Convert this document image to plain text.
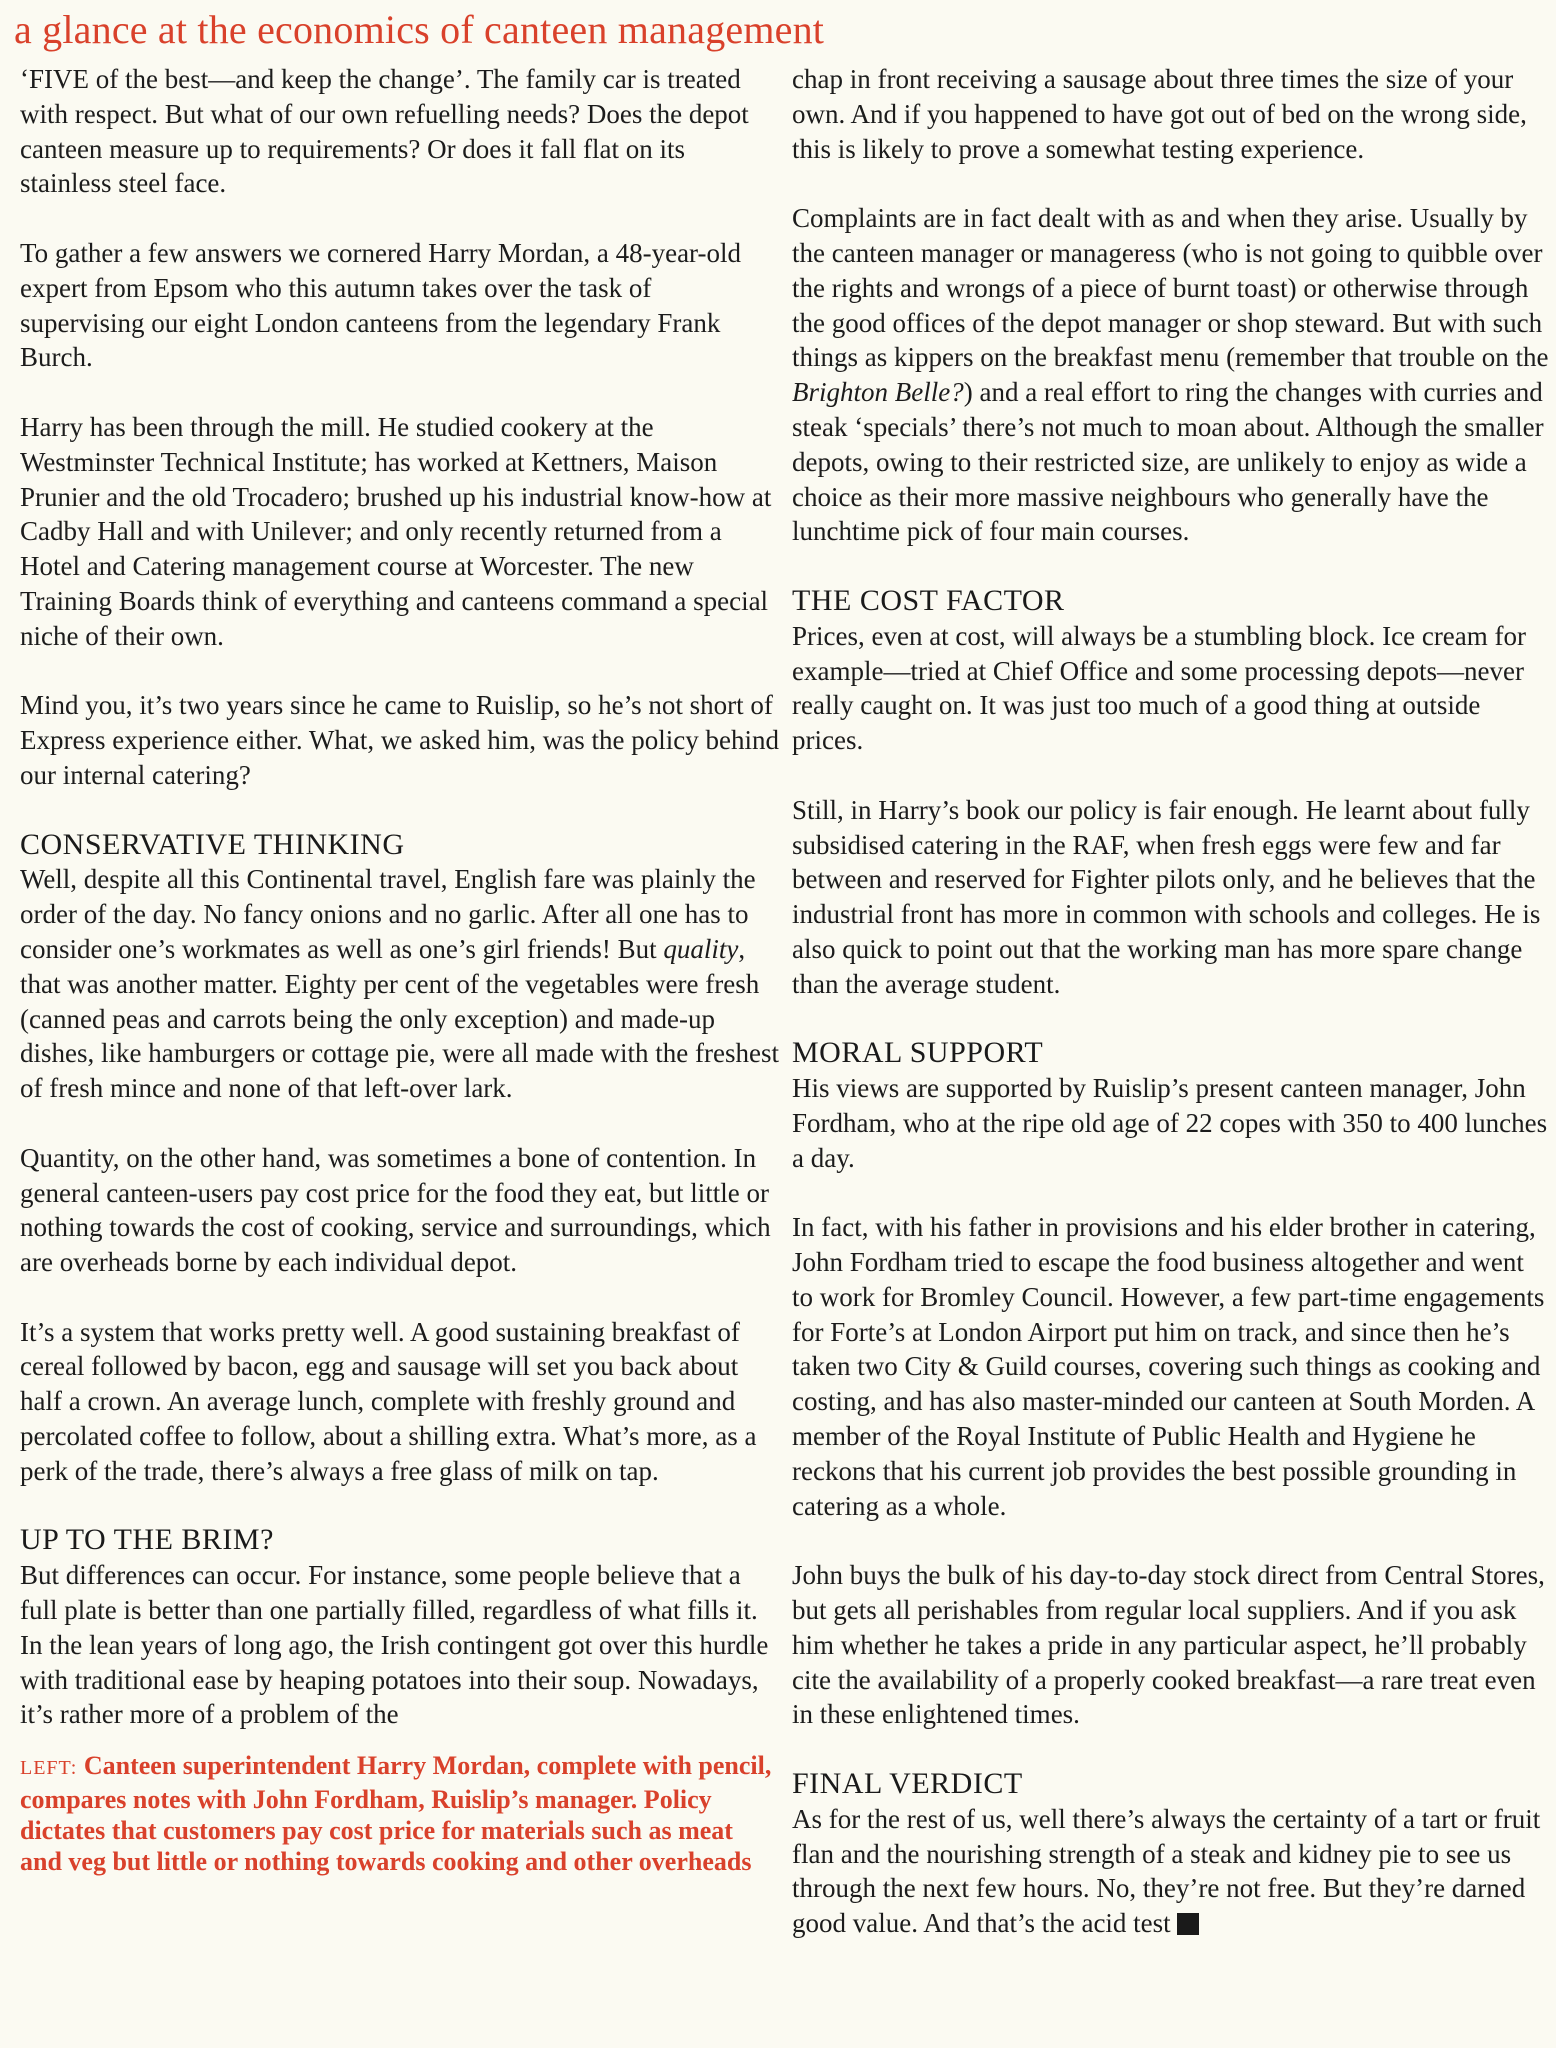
a glance at the economics of canteen management

‘FIVE of the best—and keep the change’. The family car is treated with respect. But what of our own refuelling needs? Does the depot canteen measure up to requirements? Or does it fall flat on its stainless steel face.

To gather a few answers we cornered Harry Mordan, a 48-year-old expert from Epsom who this autumn takes over the task of supervising our eight London canteens from the legendary Frank Burch.

Harry has been through the mill. He studied cookery at the Westminster Technical Institute; has worked at Kettners, Maison Prunier and the old Trocadero; brushed up his industrial know-how at Cadby Hall and with Unilever; and only recently returned from a Hotel and Catering management course at Worcester. The new Training Boards think of everything and canteens command a special niche of their own.

Mind you, it’s two years since he came to Ruislip, so he’s not short of Express experience either. What, we asked him, was the policy behind our internal catering?

CONSERVATIVE THINKING

Well, despite all this Continental travel, English fare was plainly the order of the day. No fancy onions and no garlic. After all one has to consider one’s workmates as well as one’s girl friends! But quality, that was another matter. Eighty per cent of the vegetables were fresh (canned peas and carrots being the only exception) and made-up dishes, like hamburgers or cottage pie, were all made with the freshest of fresh mince and none of that left-over lark.

Quantity, on the other hand, was sometimes a bone of contention. In general canteen-users pay cost price for the food they eat, but little or nothing towards the cost of cooking, service and surroundings, which are overheads borne by each individual depot.

It’s a system that works pretty well. A good sustaining breakfast of cereal followed by bacon, egg and sausage will set you back about half a crown. An average lunch, complete with freshly ground and percolated coffee to follow, about a shilling extra. What’s more, as a perk of the trade, there’s always a free glass of milk on tap.

UP TO THE BRIM?

But differences can occur. For instance, some people believe that a full plate is better than one partially filled, regardless of what fills it. In the lean years of long ago, the Irish contingent got over this hurdle with traditional ease by heaping potatoes into their soup. Nowadays, it’s rather more of a problem of the

LEFT: Canteen superintendent Harry Mordan, complete with pencil, compares notes with John Fordham, Ruislip’s manager. Policy dictates that customers pay cost price for materials such as meat and veg but little or nothing towards cooking and other overheads

chap in front receiving a sausage about three times the size of your own. And if you happened to have got out of bed on the wrong side, this is likely to prove a somewhat testing experience.

Complaints are in fact dealt with as and when they arise. Usually by the canteen manager or manageress (who is not going to quibble over the rights and wrongs of a piece of burnt toast) or otherwise through the good offices of the depot manager or shop steward. But with such things as kippers on the breakfast menu (remember that trouble on the Brighton Belle?) and a real effort to ring the changes with curries and steak ‘specials’ there’s not much to moan about. Although the smaller depots, owing to their restricted size, are unlikely to enjoy as wide a choice as their more massive neighbours who generally have the lunchtime pick of four main courses.

THE COST FACTOR

Prices, even at cost, will always be a stumbling block. Ice cream for example—tried at Chief Office and some processing depots—never really caught on. It was just too much of a good thing at outside prices.

Still, in Harry’s book our policy is fair enough. He learnt about fully subsidised catering in the RAF, when fresh eggs were few and far between and reserved for Fighter pilots only, and he believes that the industrial front has more in common with schools and colleges. He is also quick to point out that the working man has more spare change than the average student.

MORAL SUPPORT

His views are supported by Ruislip’s present canteen manager, John Fordham, who at the ripe old age of 22 copes with 350 to 400 lunches a day.

In fact, with his father in provisions and his elder brother in catering, John Fordham tried to escape the food business altogether and went to work for Bromley Council. However, a few part-time engagements for Forte’s at London Airport put him on track, and since then he’s taken two City & Guild courses, covering such things as cooking and costing, and has also master-minded our canteen at South Morden. A member of the Royal Institute of Public Health and Hygiene he reckons that his current job provides the best possible grounding in catering as a whole.

John buys the bulk of his day-to-day stock direct from Central Stores, but gets all perishables from regular local suppliers. And if you ask him whether he takes a pride in any particular aspect, he’ll probably cite the availability of a properly cooked breakfast—a rare treat even in these enlightened times.

FINAL VERDICT

As for the rest of us, well there’s always the certainty of a tart or fruit flan and the nourishing strength of a steak and kidney pie to see us through the next few hours. No, they’re not free. But they’re darned good value. And that’s the acid test
